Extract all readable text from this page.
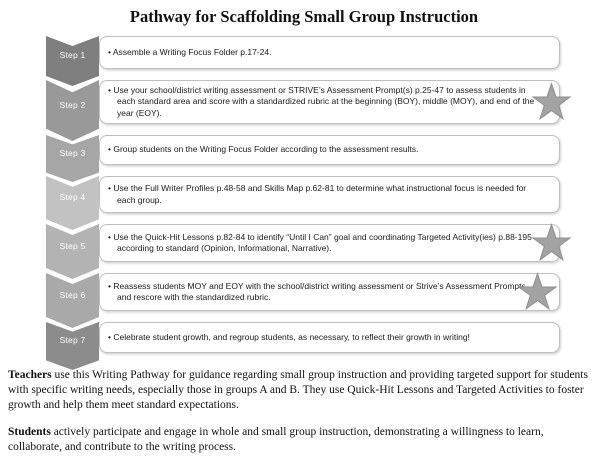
Pathway for Scaffolding Small Group Instruction
Step 1	• Assemble a Writing Focus Folder p.17-24.
Step 2
• Use your school/district writing assessment or STRIVE’s Assessment Prompt(s) p.25-47 to assess students in each standard area and score with a standardized rubric at the beginning (BOY), middle (MOY), and end of the year (EOY).
Step 3	• Group students on the Writing Focus Folder according to the assessment results.
Step 4
• Use the Full Writer Profiles p.48-58 and Skills Map p.62-81 to determine what instructional focus is needed for each group.
Step 5
• Use the Quick-Hit Lessons p.82-84 to identify “Until I Can” goal and coordinating Targeted Activity(ies) p.88-195 according to standard (Opinion, Informational, Narrative).
Step 6
• Reassess students MOY and EOY with the school/district writing assessment or Strive’s Assessment Prompts and rescore with the standardized rubric.
Step 7	• Celebrate student growth, and regroup students, as necessary, to reflect their growth in writing!

Teachers use this Writing Pathway for guidance regarding small group instruction and providing targeted support for students with specific writing needs, especially those in groups A and B. They use Quick-Hit Lessons and Targeted Activities to foster growth and help them meet standard expectations.

Students actively participate and engage in whole and small group instruction, demonstrating a willingness to learn, collaborate, and contribute to the writing process.
